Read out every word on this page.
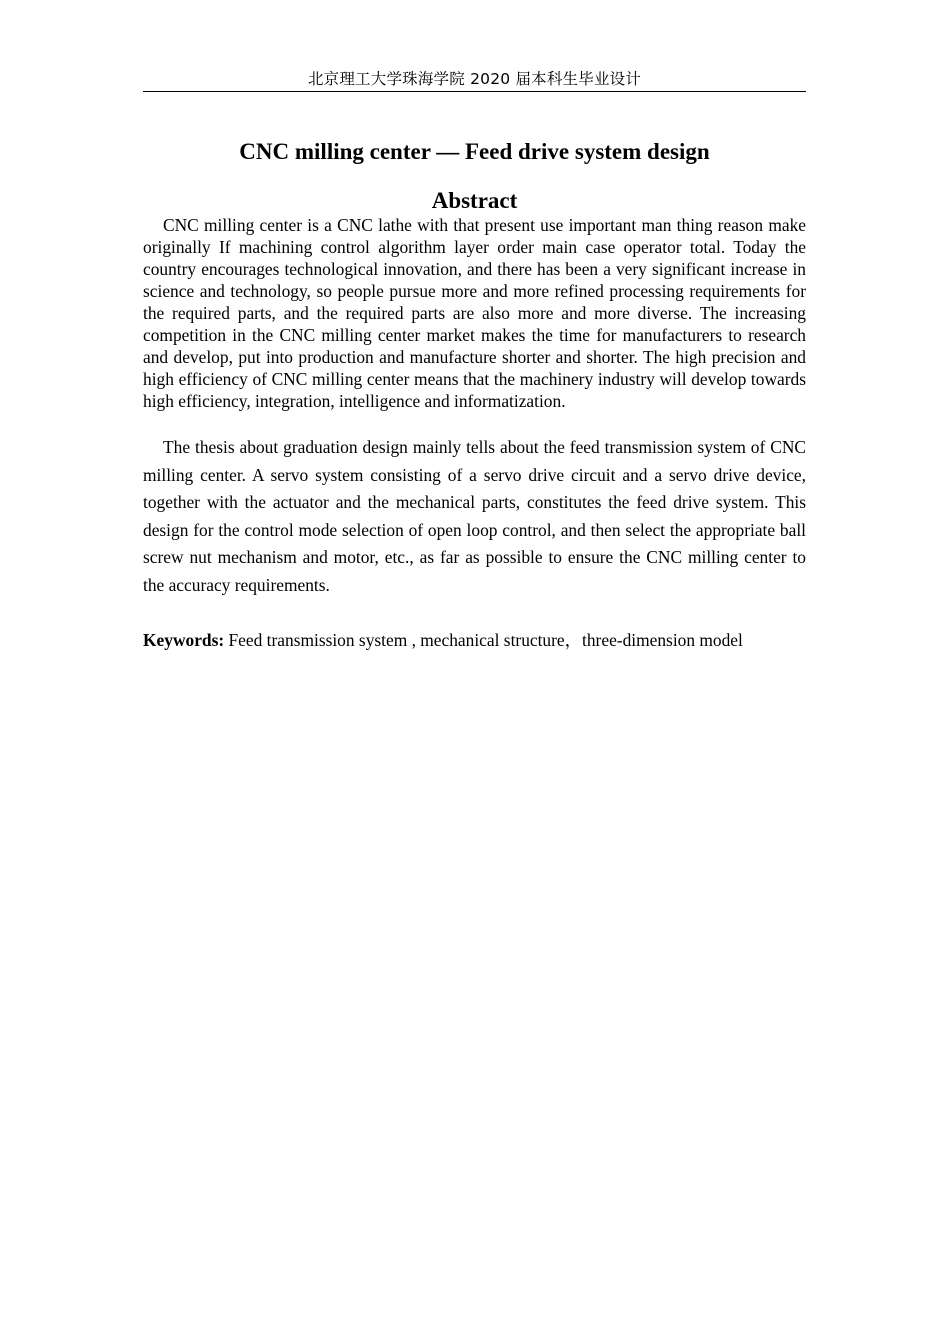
北京理工大学珠海学院 2020 届本科生毕业设计
CNC milling center — Feed drive system design
Abstract

CNC milling center is a CNC lathe with that present use important man thing reason make originally If machining control algorithm layer order main case operator total. Today the country encourages technological innovation, and there has been a very significant increase in science and technology, so people pursue more and more refined processing requirements for the required parts, and the required parts are also more and more diverse. The increasing competition in the CNC milling center market makes the time for manufacturers to research and develop, put into production and manufacture shorter and shorter. The high precision and high efficiency of CNC milling center means that the machinery industry will develop towards high efficiency, integration, intelligence and informatization.

The thesis about graduation design mainly tells about the feed transmission system of CNC milling center. A servo system consisting of a servo drive circuit and a servo drive device, together with the actuator and the mechanical parts, constitutes the feed drive system. This design for the control mode selection of open loop control, and then select the appropriate ball screw nut mechanism and motor, etc., as far as possible to ensure the CNC milling center to the accuracy requirements.

Keywords: Feed transmission system , mechanical structure，three-dimension model
